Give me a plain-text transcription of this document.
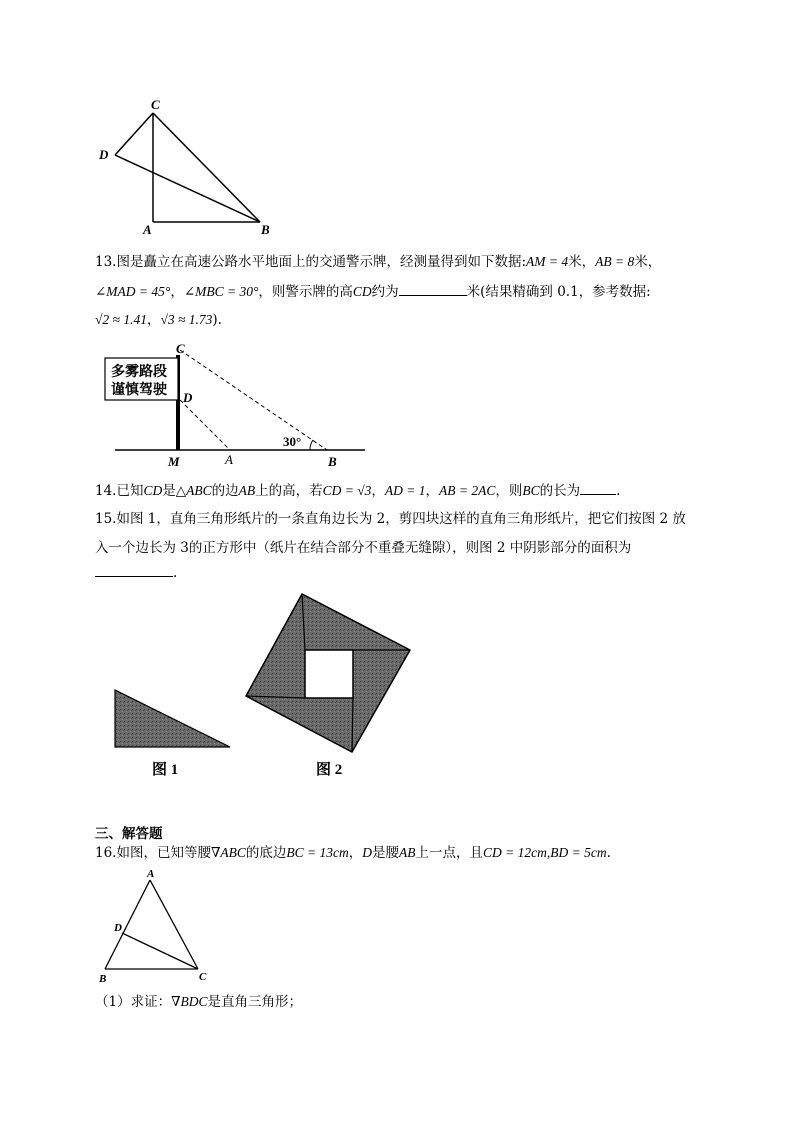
C
D
A	B
13.图是矗立在高速公路水平地面上的交通警示牌，经测量得到如下数据:AM = 4米，AB = 8米，
∠MAD = 45°，∠MBC = 30°，则警示牌的高CD约为	米(结果精确到 0.1，参考数据:
√2 ≈ 1.41，√3 ≈ 1.73).
多雾路段
谨慎驾驶
30°
C
D
M	A	B
14.已知CD是△ABC的边AB上的高，若CD = √3，AD = 1，AB = 2AC，则BC的长为	.
15.如图 1，直角三角形纸片的一条直角边长为 2，剪四块这样的直角三角形纸片，把它们按图 2 放
入一个边长为 3的正方形中（纸片在结合部分不重叠无缝隙），则图 2 中阴影部分的面积为
.
图 1	图 2
三、解答题
16.如图，已知等腰∇ABC的底边BC = 13cm，D是腰AB上一点，且CD = 12cm,BD = 5cm.
A
D
B	C
（1）求证：∇BDC是直角三角形；
